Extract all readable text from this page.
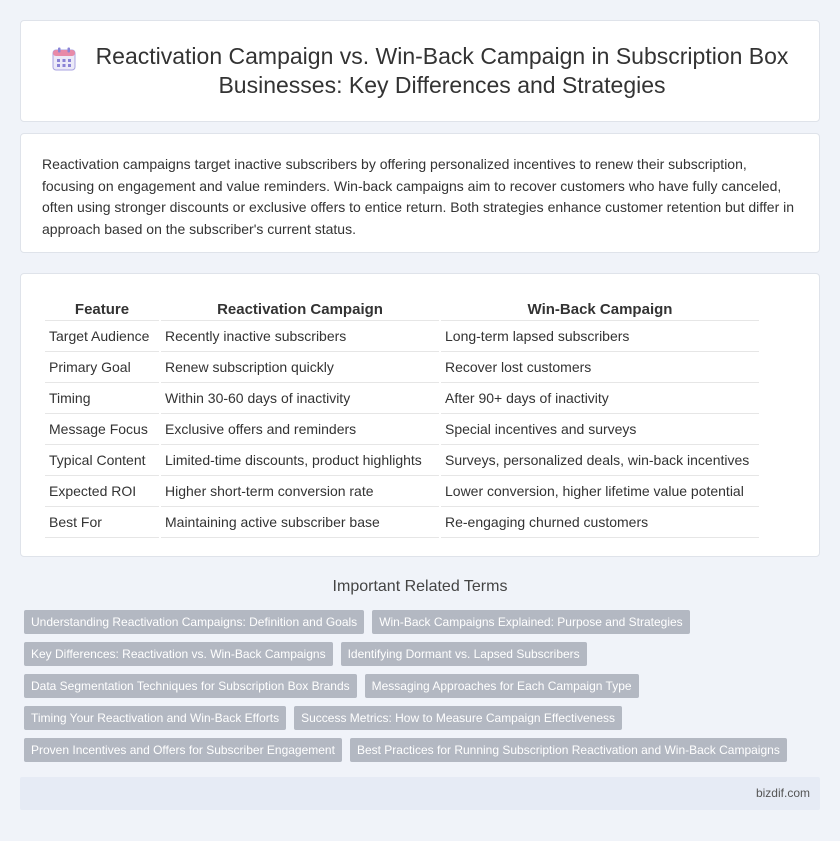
Reactivation Campaign vs. Win-Back Campaign in Subscription Box Businesses: Key Differences and Strategies

Reactivation campaigns target inactive subscribers by offering personalized incentives to renew their subscription, focusing on engagement and value reminders. Win-back campaigns aim to recover customers who have fully canceled, often using stronger discounts or exclusive offers to entice return. Both strategies enhance customer retention but differ in approach based on the subscriber's current status.

Feature	Reactivation Campaign	Win-Back Campaign
Target Audience	Recently inactive subscribers	Long-term lapsed subscribers
Primary Goal	Renew subscription quickly	Recover lost customers
Timing	Within 30-60 days of inactivity	After 90+ days of inactivity
Message Focus	Exclusive offers and reminders	Special incentives and surveys
Typical Content	Limited-time discounts, product highlights	Surveys, personalized deals, win-back incentives
Expected ROI	Higher short-term conversion rate	Lower conversion, higher lifetime value potential
Best For	Maintaining active subscriber base	Re-engaging churned customers
Important Related Terms
Understanding Reactivation Campaigns: Definition and Goals	Win-Back Campaigns Explained: Purpose and Strategies
Key Differences: Reactivation vs. Win-Back Campaigns	Identifying Dormant vs. Lapsed Subscribers
Data Segmentation Techniques for Subscription Box Brands	Messaging Approaches for Each Campaign Type
Timing Your Reactivation and Win-Back Efforts	Success Metrics: How to Measure Campaign Effectiveness
Proven Incentives and Offers for Subscriber Engagement	Best Practices for Running Subscription Reactivation and Win-Back Campaigns
bizdif.com
